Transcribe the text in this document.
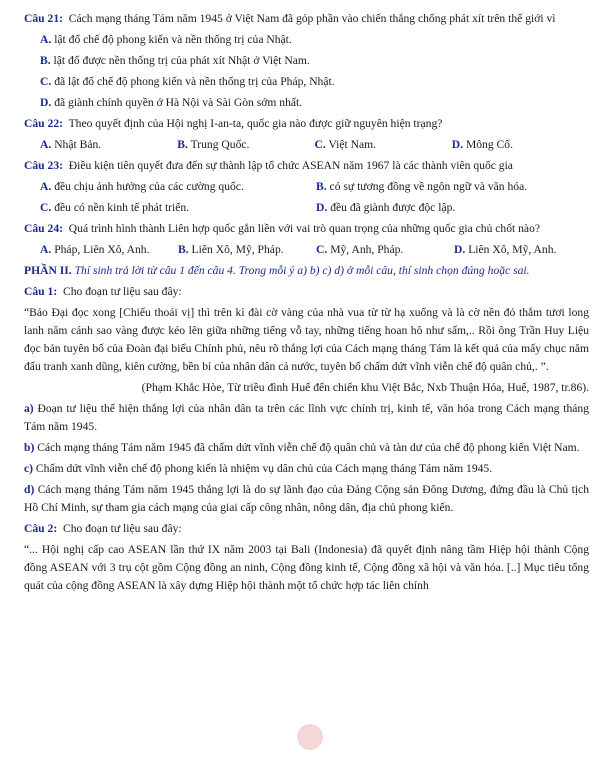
Câu 21: Cách mạng tháng Tám năm 1945 ở Việt Nam đã góp phần vào chiến thắng chống phát xít trên thế giới vì
A. lật đổ chế độ phong kiến và nền thống trị của Nhật.
B. lật đổ được nền thống trị của phát xít Nhật ở Việt Nam.
C. đã lật đổ chế độ phong kiến và nền thống trị của Pháp, Nhật.
D. đã giành chính quyền ở Hà Nội và Sài Gòn sớm nhất.
Câu 22: Theo quyết định của Hội nghị I-an-ta, quốc gia nào được giữ nguyên hiện trạng?
A. Nhật Bản.	B. Trung Quốc.	C. Việt Nam.	D. Mông Cổ.
Câu 23: Điều kiện tiên quyết đưa đến sự thành lập tổ chức ASEAN năm 1967 là các thành viên quốc gia
A. đều chịu ảnh hưởng của các cường quốc.	B. có sự tương đồng về ngôn ngữ và văn hóa.
C. đều có nền kinh tế phát triển.	D. đều đã giành được độc lập.
Câu 24: Quá trình hình thành Liên hợp quốc gắn liền với vai trò quan trọng của những quốc gia chủ chốt nào?
A. Pháp, Liên Xô, Anh.	B. Liên Xô, Mỹ, Pháp.	C. Mỹ, Anh, Pháp.	D. Liên Xô, Mỹ, Anh.
PHẦN II. Thí sinh trả lời từ câu 1 đến câu 4. Trong mỗi ý a) b) c) d) ở mỗi câu, thí sinh chọn đúng hoặc sai.
Câu 1: Cho đoạn tư liệu sau đây:
“Bảo Đại đọc xong [Chiếu thoái vị] thì trên kì đài cờ vàng của nhà vua từ từ hạ xuống và là cờ nền đỏ thắm tươi long lanh năm cánh sao vàng được kéo lên giữa những tiếng vỗ tay, những tiếng hoan hô như sấm,.. Rồi ông Trần Huy Liệu đọc bản tuyên bố của Đoàn đại biểu Chính phủ, nêu rõ thắng lợi của Cách mạng tháng Tám là kết quả của mấy chục năm đấu tranh xanh dũng, kiên cường, bền bỉ của nhân dân cả nước, tuyên bố chấm dứt vĩnh viễn chế độ quân chủ,. ”.
(Phạm Khắc Hòe, Từ triều đình Huế đến chiến khu Việt Bắc, Nxb Thuận Hóa, Huế, 1987, tr.86).
a) Đoạn tư liệu thể hiện thắng lợi của nhân dân ta trên các lĩnh vực chính trị, kinh tế, văn hóa trong Cách mạng tháng Tám năm 1945.
b) Cách mạng tháng Tám năm 1945 đã chấm dứt vĩnh viễn chế độ quân chủ và tàn dư của chế độ phong kiến Việt Nam.
c) Chấm dứt vĩnh viễn chế độ phong kiến là nhiệm vụ dân chủ của Cách mạng tháng Tám năm 1945.
d) Cách mạng tháng Tám năm 1945 thắng lợi là do sự lãnh đạo của Đảng Cộng sản Đông Dương, đứng đầu là Chủ tịch Hồ Chí Minh, sự tham gia cách mạng của giai cấp công nhân, nông dân, địa chủ phong kiến.
Câu 2: Cho đoạn tư liệu sau đây:
“... Hội nghị cấp cao ASEAN lần thứ IX năm 2003 tại Bali (Indonesia) đã quyết định nâng tầm Hiệp hội thành Cộng đồng ASEAN với 3 trụ cột gồm Cộng đồng an ninh, Cộng đồng kinh tế, Cộng đồng xã hội và văn hóa. [..] Mục tiêu tổng quát của cộng đồng ASEAN là xây dựng Hiệp hội thành một tổ chức hợp tác liên chính
